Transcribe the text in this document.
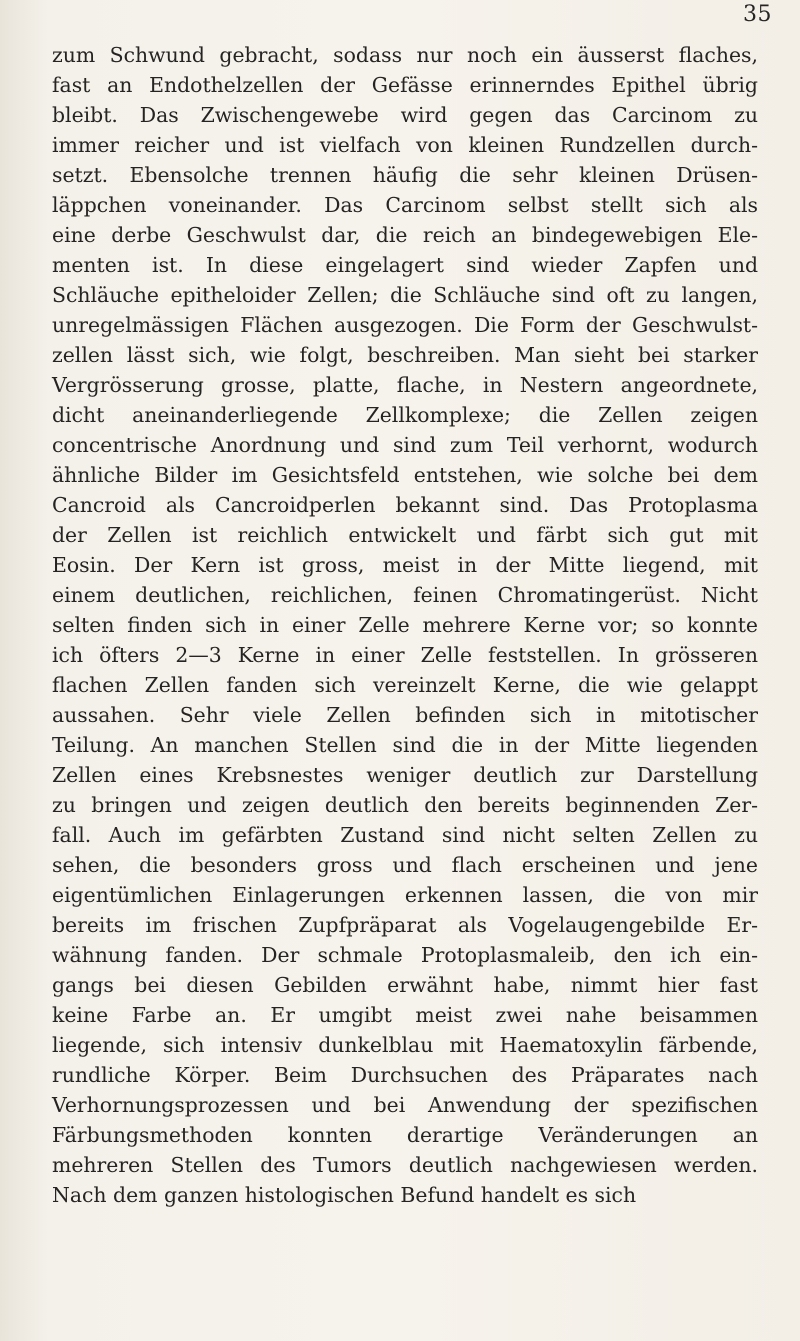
35
zum Schwund gebracht, sodass nur noch ein äusserst flaches,
fast an Endothelzellen der Gefässe erinnerndes Epithel übrig
bleibt. Das Zwischengewebe wird gegen das Carcinom zu
immer reicher und ist vielfach von kleinen Rundzellen durch-
setzt. Ebensolche trennen häufig die sehr kleinen Drüsen-
läppchen voneinander. Das Carcinom selbst stellt sich als
eine derbe Geschwulst dar, die reich an bindegewebigen Ele-
menten ist. In diese eingelagert sind wieder Zapfen und
Schläuche epitheloider Zellen; die Schläuche sind oft zu langen,
unregelmässigen Flächen ausgezogen. Die Form der Geschwulst-
zellen lässt sich, wie folgt, beschreiben. Man sieht bei starker
Vergrösserung grosse, platte, flache, in Nestern angeordnete,
dicht aneinanderliegende Zellkomplexe; die Zellen zeigen
concentrische Anordnung und sind zum Teil verhornt, wodurch
ähnliche Bilder im Gesichtsfeld entstehen, wie solche bei dem
Cancroid als Cancroidperlen bekannt sind. Das Protoplasma
der Zellen ist reichlich entwickelt und färbt sich gut mit
Eosin. Der Kern ist gross, meist in der Mitte liegend, mit
einem deutlichen, reichlichen, feinen Chromatingerüst. Nicht
selten finden sich in einer Zelle mehrere Kerne vor; so konnte
ich öfters 2—3 Kerne in einer Zelle feststellen. In grösseren
flachen Zellen fanden sich vereinzelt Kerne, die wie gelappt
aussahen. Sehr viele Zellen befinden sich in mitotischer
Teilung. An manchen Stellen sind die in der Mitte liegenden
Zellen eines Krebsnestes weniger deutlich zur Darstellung
zu bringen und zeigen deutlich den bereits beginnenden Zer-
fall. Auch im gefärbten Zustand sind nicht selten Zellen zu
sehen, die besonders gross und flach erscheinen und jene
eigentümlichen Einlagerungen erkennen lassen, die von mir
bereits im frischen Zupfpräparat als Vogelaugengebilde Er-
wähnung fanden. Der schmale Protoplasmaleib, den ich ein-
gangs bei diesen Gebilden erwähnt habe, nimmt hier fast
keine Farbe an. Er umgibt meist zwei nahe beisammen
liegende, sich intensiv dunkelblau mit Haematoxylin färbende,
rundliche Körper. Beim Durchsuchen des Präparates nach
Verhornungsprozessen und bei Anwendung der spezifischen
Färbungsmethoden konnten derartige Veränderungen an
mehreren Stellen des Tumors deutlich nachgewiesen werden.
Nach dem ganzen histologischen Befund handelt es sich
